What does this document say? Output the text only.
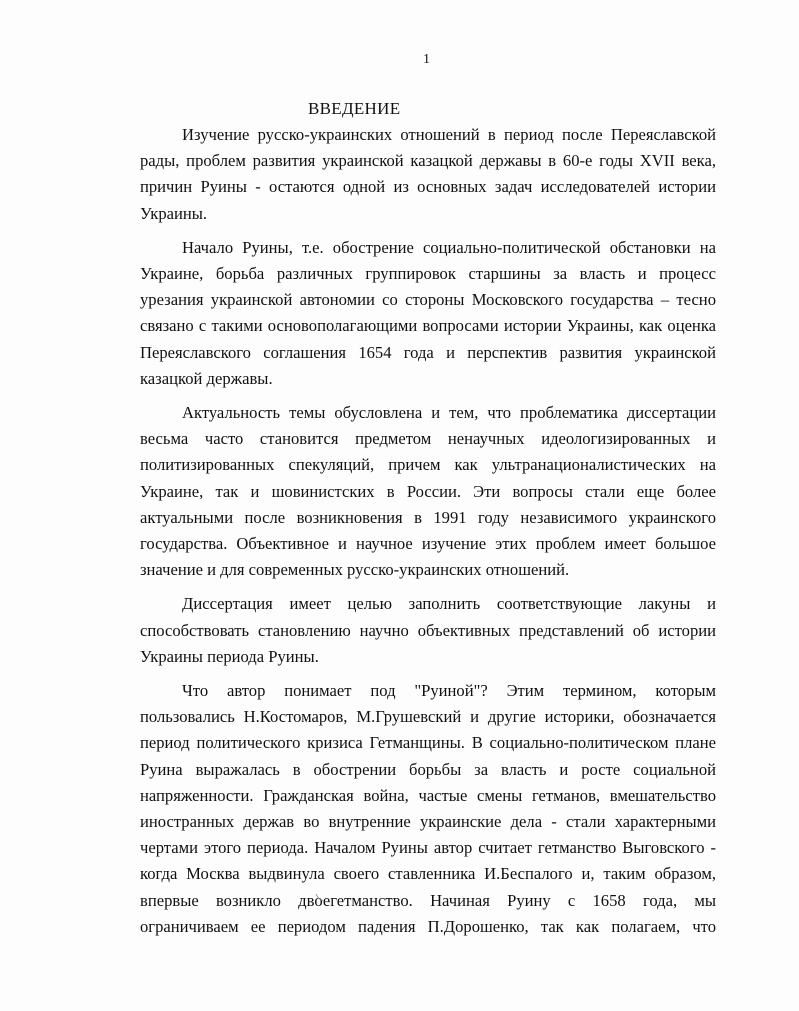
1
ВВЕДЕНИЕ

Изучение русско-украинских отношений в период после Переяславской
рады, проблем развития украинской казацкой державы в 60-е годы XVII века,
причин Руины - остаются одной из основных задач исследователей истории
Украины.

Начало Руины, т.е. обострение социально-политической обстановки на
Украине, борьба различных группировок старшины за власть и процесс
урезания украинской автономии со стороны Московского государства – тесно
связано с такими основополагающими вопросами истории Украины, как оценка
Переяславского соглашения 1654 года и перспектив развития украинской
казацкой державы.

Актуальность темы обусловлена и тем, что проблематика диссертации
весьма часто становится предметом ненаучных идеологизированных и
политизированных спекуляций, причем как ультранационалистических на
Украине, так и шовинистских в России. Эти вопросы стали еще более
актуальными после возникновения в 1991 году независимого украинского
государства. Объективное и научное изучение этих проблем имеет большое
значение и для современных русско-украинских отношений.

Диссертация имеет целью заполнить соответствующие лакуны и
способствовать становлению научно объективных представлений об истории
Украины периода Руины.

Что автор понимает под "Руиной"? Этим термином, которым
пользовались Н.Костомаров, М.Грушевский и другие историки, обозначается
период политического кризиса Гетманщины. В социально-политическом плане
Руина выражалась в обострении борьбы за власть и росте социальной
напряженности. Гражданская война, частые смены гетманов, вмешательство
иностранных держав во внутренние украинские дела - стали характерными
чертами этого периода. Началом Руины автор считает гетманство Выговского -
когда Москва выдвинула своего ставленника И.Беспалого и, таким образом,
впервые возникло двоегетманство. Начиная Руину с 1658 года, мы
ограничиваем ее периодом падения П.Дорошенко, так как полагаем, что
